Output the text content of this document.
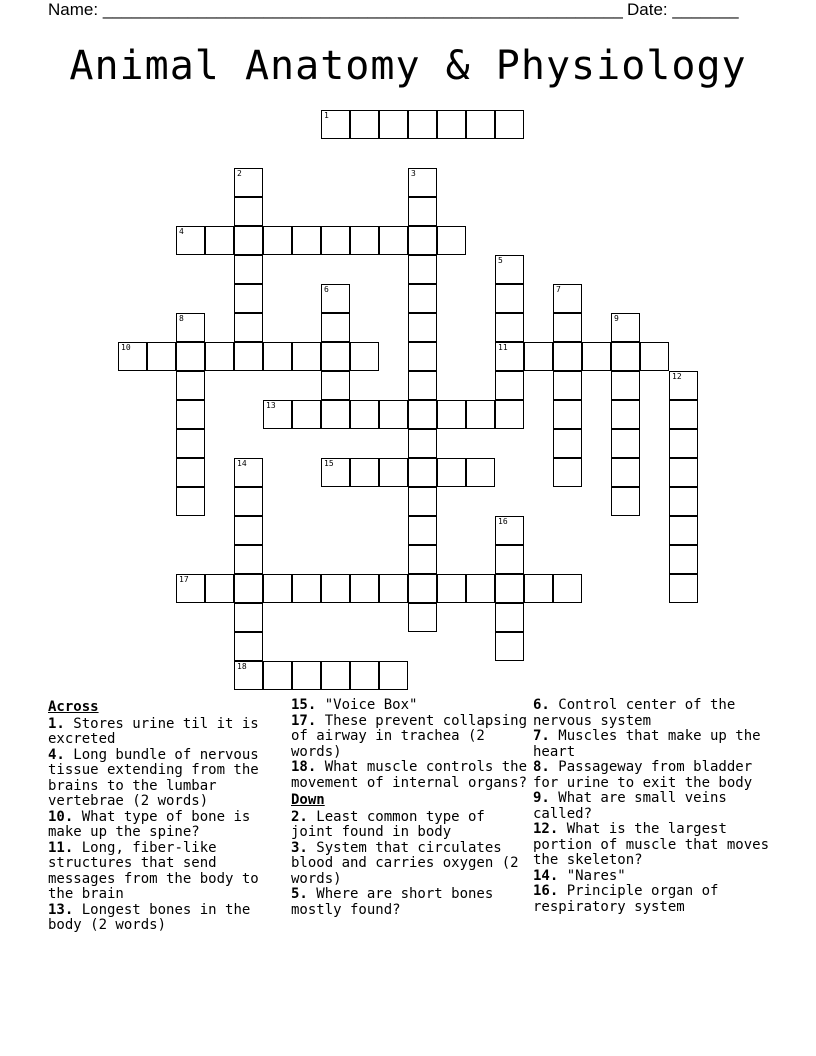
Name: _______________________________________________________ Date: _______
Animal Anatomy & Physiology
1
2	3
4
5
11
6	7
8	9
10
12
13
14
18
15
16
17
Across
1. Stores urine til it is excreted
4. Long bundle of nervous tissue extending from the brains to the lumbar vertebrae (2 words)
10. What type of bone is make up the spine?
11. Long, fiber-like structures that send messages from the body to the brain
13. Longest bones in the body (2 words)
15. "Voice Box"
17. These prevent collapsing of airway in trachea (2 words)
18. What muscle controls the movement of internal organs?
Down
2. Least common type of joint found in body
3. System that circulates blood and carries oxygen (2 words)
5. Where are short bones mostly found?
6. Control center of the nervous system
7. Muscles that make up the heart
8. Passageway from bladder for urine to exit the body
9. What are small veins called?
12. What is the largest portion of muscle that moves the skeleton?
14. "Nares"
16. Principle organ of respiratory system
